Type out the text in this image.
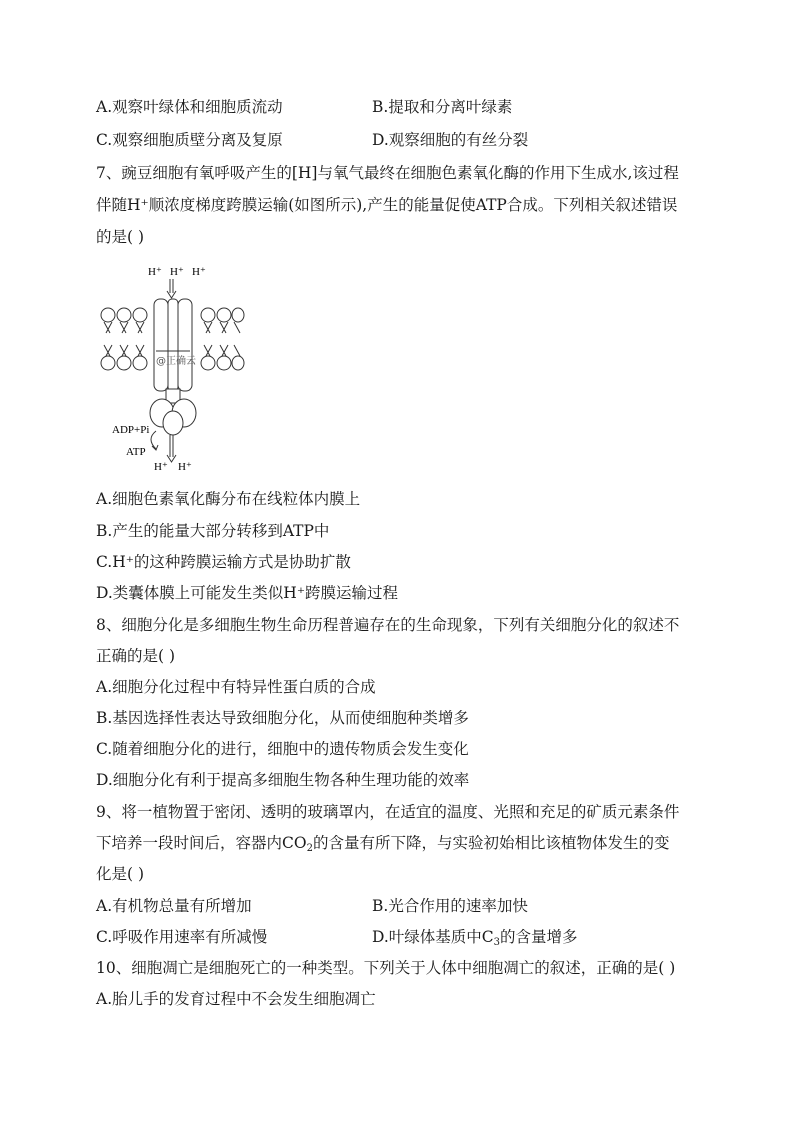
A.观察叶绿体和细胞质流动	B.提取和分离叶绿素
C.观察细胞质壁分离及复原	D.观察细胞的有丝分裂
7、豌豆细胞有氧呼吸产生的[H]与氧气最终在细胞色素氧化酶的作用下生成水,该过程
伴随H⁺顺浓度梯度跨膜运输(如图所示),产生的能量促使ATP合成。下列相关叙述错误
的是( )
H⁺ H⁺ H⁺
@正确云
ADP+Pi
ATP
H⁺ H⁺
A.细胞色素氧化酶分布在线粒体内膜上
B.产生的能量大部分转移到ATP中
C.H⁺的这种跨膜运输方式是协助扩散
D.类囊体膜上可能发生类似H⁺跨膜运输过程
8、细胞分化是多细胞生物生命历程普遍存在的生命现象，下列有关细胞分化的叙述不
正确的是( )
A.细胞分化过程中有特异性蛋白质的合成
B.基因选择性表达导致细胞分化，从而使细胞种类增多
C.随着细胞分化的进行，细胞中的遗传物质会发生变化
D.细胞分化有利于提高多细胞生物各种生理功能的效率
9、将一植物置于密闭、透明的玻璃罩内，在适宜的温度、光照和充足的矿质元素条件
下培养一段时间后，容器内$CO_2$的含量有所下降，与实验初始相比该植物体发生的变
化是( )
A.有机物总量有所增加	B.光合作用的速率加快
C.呼吸作用速率有所减慢	D.叶绿体基质中$C_3$的含量增多
10、细胞凋亡是细胞死亡的一种类型。下列关于人体中细胞凋亡的叙述，正确的是( )
A.胎儿手的发育过程中不会发生细胞凋亡
